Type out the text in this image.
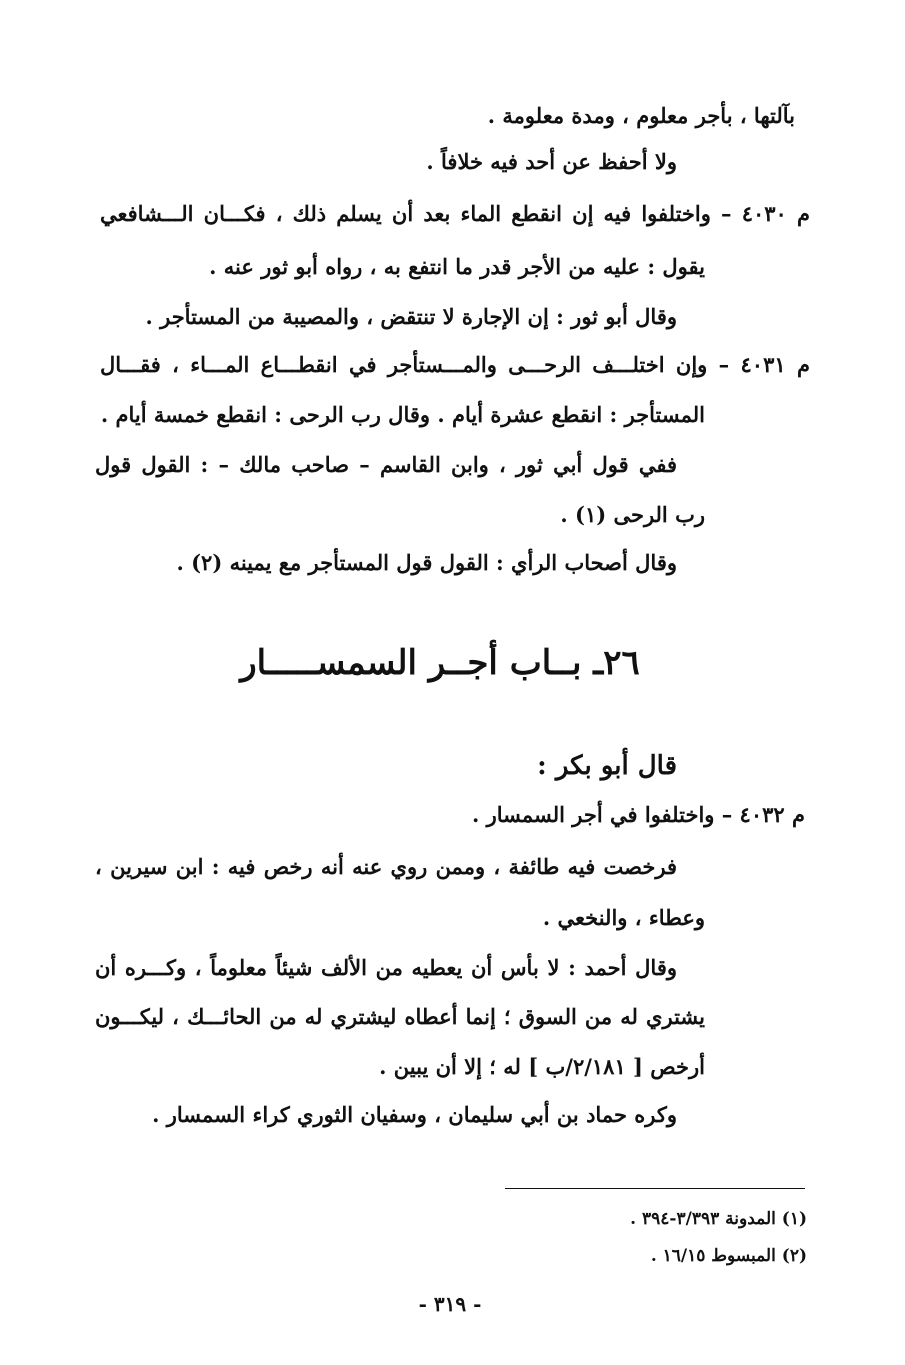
بآلتها ، بأجر معلوم ، ومدة معلومة .
ولا أحفظ عن أحد فيه خلافاً .
م ٤٠٣٠ – واختلفوا فيه إن انقطع الماء بعد أن يسلم ذلك ، فكـــان الـــشافعي
يقول : عليه من الأجر قدر ما انتفع به ، رواه أبو ثور عنه .
وقال أبو ثور : إن الإجارة لا تنتقض ، والمصيبة من المستأجر .
م ٤٠٣١ – وإن اختلـــف الرحـــى والمـــستأجر في انقطـــاع المـــاء ، فقـــال
المستأجر : انقطع عشرة أيام . وقال رب الرحى : انقطع خمسة أيام .
ففي قول أبي ثور ، وابن القاسم – صاحب مالك – : القول قول
رب الرحى (١) .
وقال أصحاب الرأي : القول قول المستأجر مع يمينه (٢) .
٢٦ـ بــاب أجــر السمســـــار
قال أبو بكر :
م ٤٠٣٢ – واختلفوا في أجر السمسار .
فرخصت فيه طائفة ، وممن روي عنه أنه رخص فيه : ابن سيرين ،
وعطاء ، والنخعي .
وقال أحمد : لا بأس أن يعطيه من الألف شيئاً معلوماً ، وكـــره أن
يشتري له من السوق ؛ إنما أعطاه ليشتري له من الحائـــك ، ليكـــون
أرخص [ ٢/١٨١/ب ] له ؛ إلا أن يبين .
وكره حماد بن أبي سليمان ، وسفيان الثوري كراء السمسار .
(١) المدونة ٣/٣٩٣-٣٩٤ .
(٢) المبسوط ١٦/١٥ .
- ٣١٩ -
